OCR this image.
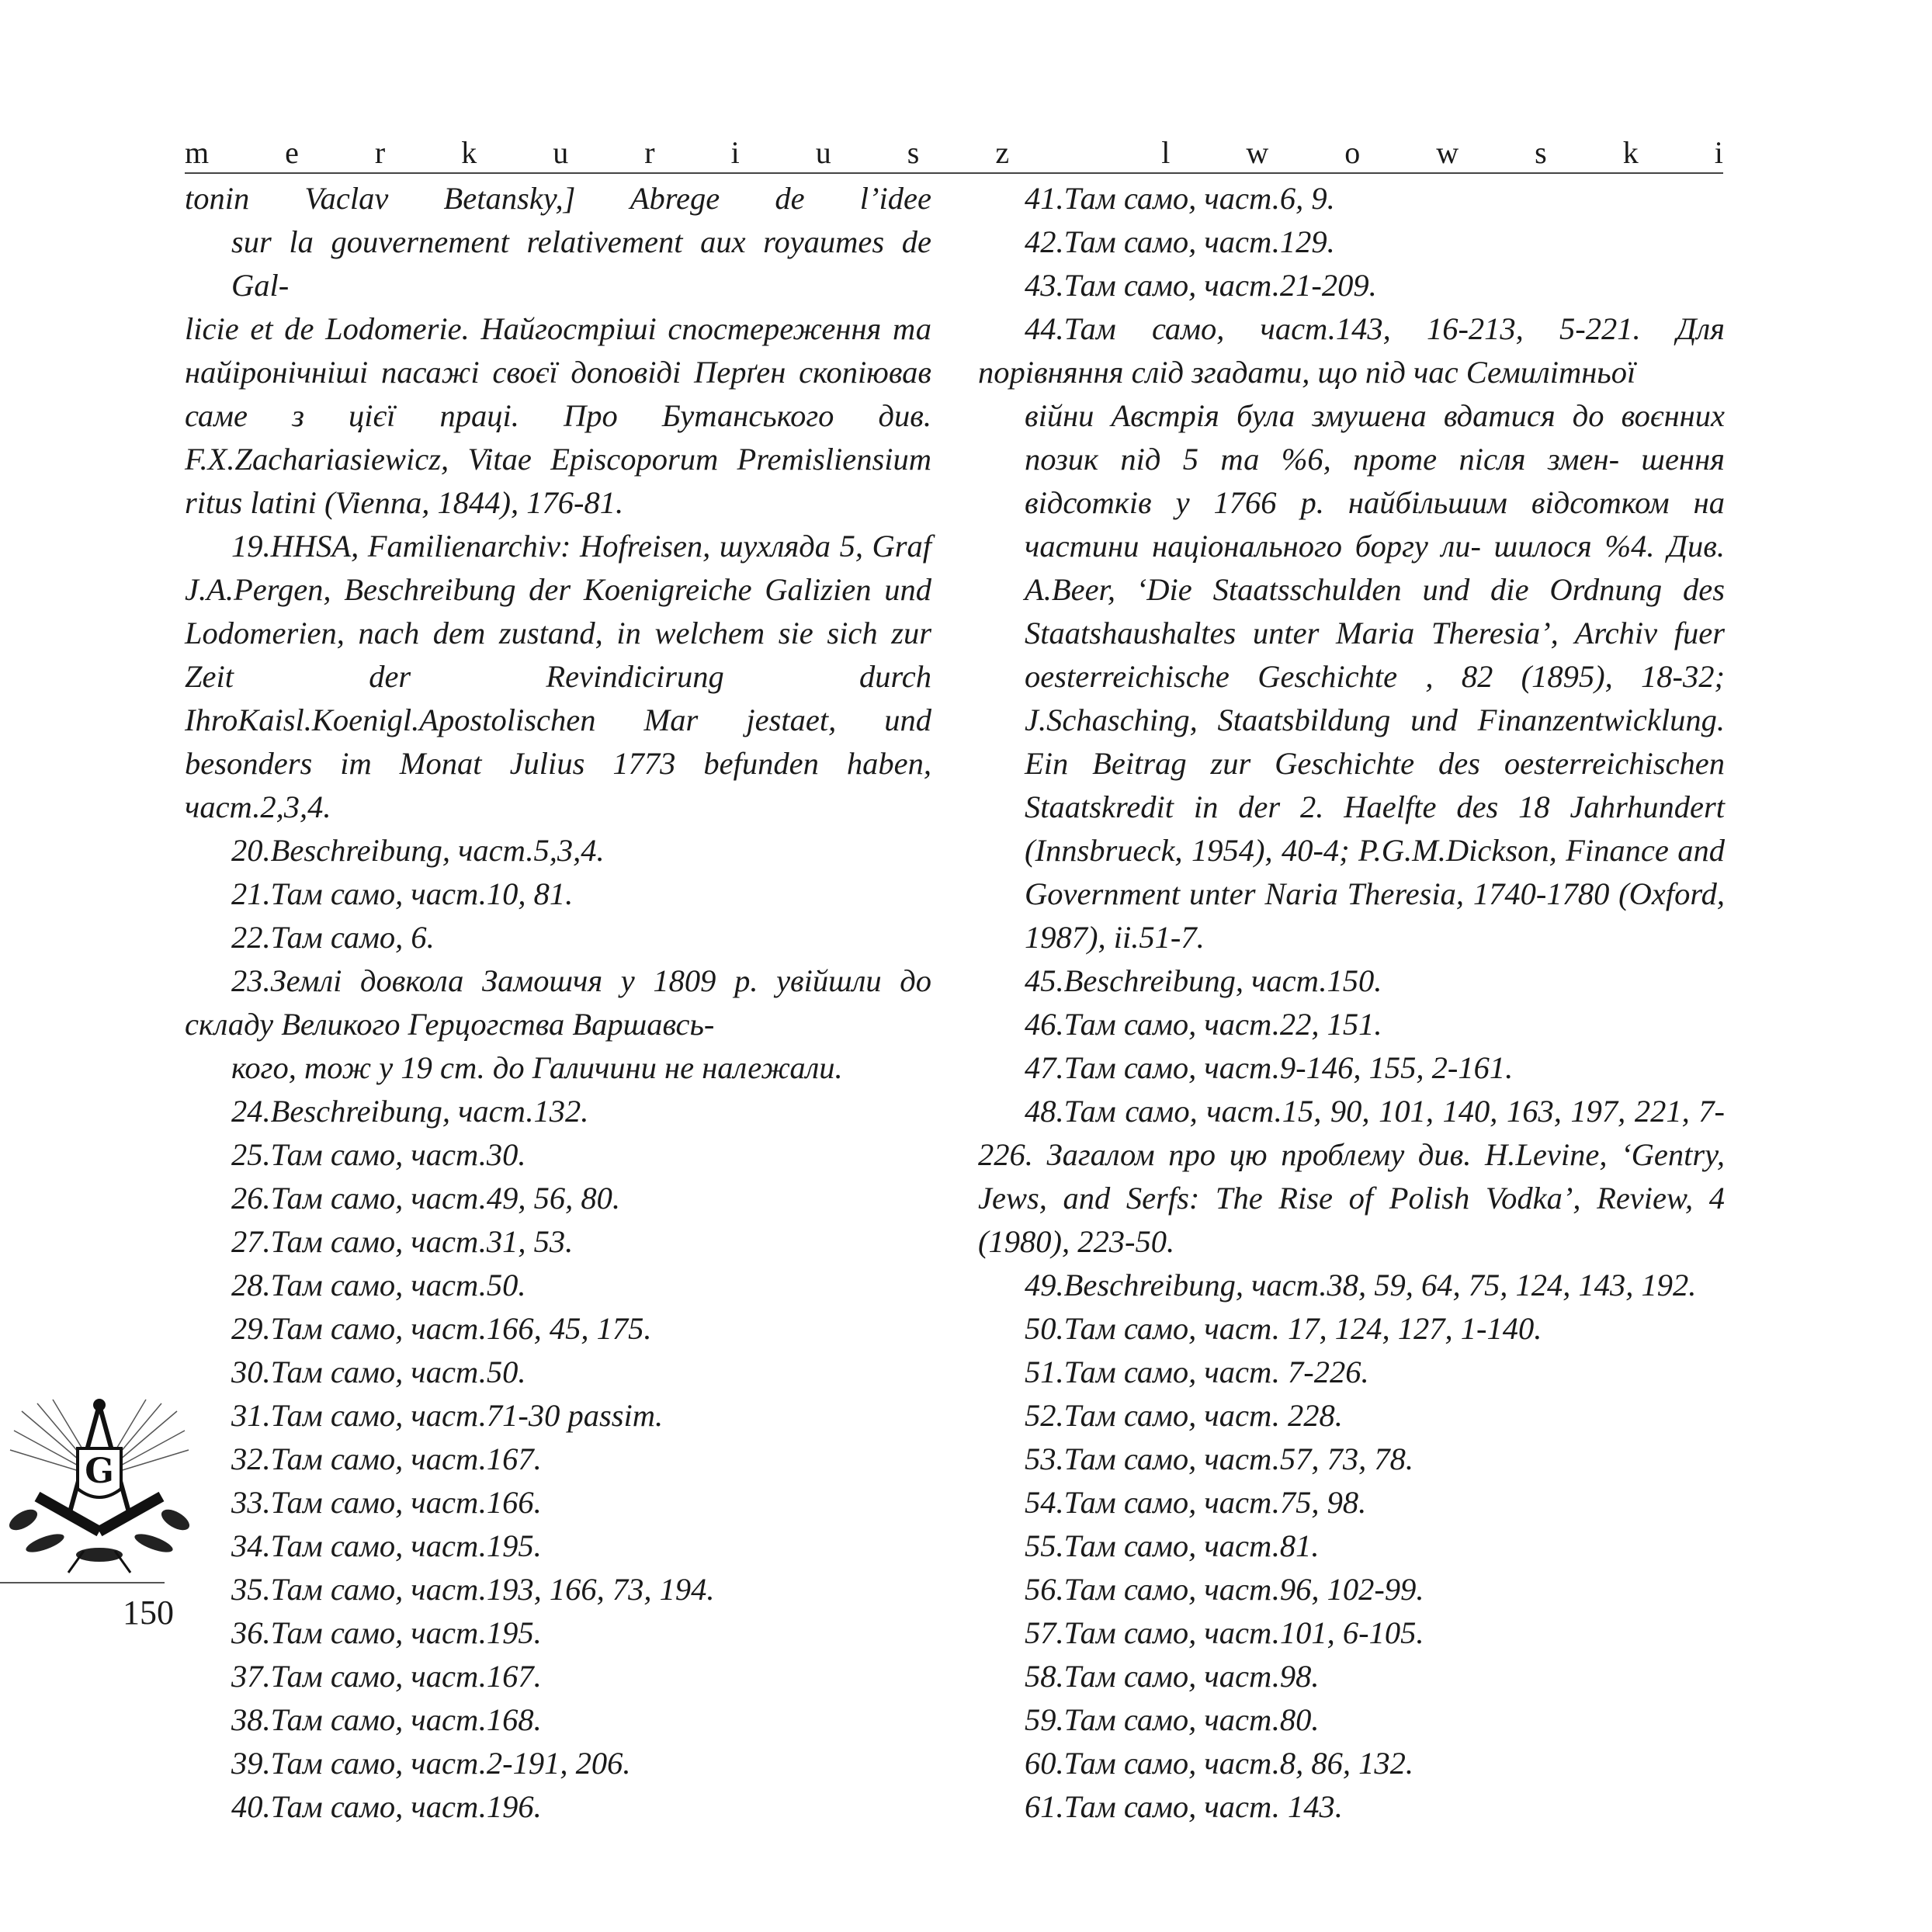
m e r k u r i u s z	l w o w s k i

tonin Vaclav Betansky,] Abrege de l’idee

sur la gouvernement relativement aux royaumes de Gal-

licie et de Lodomerie. Найгостріші спостереження та найіронічніші пасажі своєї доповіді Перґен скопіював саме з цієї праці. Про Бутанського див. F.X.Zachariasiewicz, Vitae Episcoporum Premisliensium ritus latini (Vienna, 1844), 176-81.

19.HHSA, Familienarchiv: Hofreisen, шухляда 5, Graf J.A.Pergen, Beschreibung der Koenigreiche Galizien und Lodomerien, nach dem zustand, in welchem sie sich zur Zeit der Revindicirung durch IhroKaisl.Koenigl.Apostolischen Mar jestaet, und besonders im Monat Julius 1773 befunden haben, част.2,3,4.

20.Beschreibung, част.5,3,4.

21.Там само, част.10, 81.

22.Там само, 6.

23.Землі довкола Замошчя у 1809 р. увійшли до складу Великого Герцогства Варшавсь-

кого, тож у 19 ст. до Галичини не належали.

24.Beschreibung, част.132.

25.Там само, част.30.

26.Там само, част.49, 56, 80.

27.Там само, част.31, 53.

28.Там само, част.50.

29.Там само, част.166, 45, 175.

30.Там само, част.50.

31.Там само, част.71-30 passim.

32.Там само, част.167.

33.Там само, част.166.

34.Там само, част.195.

35.Там само, част.193, 166, 73, 194.

36.Там само, част.195.

37.Там само, част.167.

38.Там само, част.168.

39.Там само, част.2-191, 206.

40.Там само, част.196.

41.Там само, част.6, 9.

42.Там само, част.129.

43.Там само, част.21-209.

44.Там само, част.143, 16-213, 5-221. Для порівняння слід згадати, що під час Семилітньої

війни Австрія була змушена вдатися до воєнних позик під 5 та %6, проте після змен- шення відсотків у 1766 р. найбільшим відсотком на частини національного боргу ли- шилося %4. Див. A.Beer, ‘Die Staatsschulden und die Ordnung des Staatshaushaltes unter Maria Theresia’, Archiv fuer oesterreichische Geschichte , 82 (1895), 18-32; J.Schasching, Staatsbildung und Finanzentwicklung. Ein Beitrag zur Geschichte des oesterreichischen Staatskredit in der 2. Haelfte des 18 Jahrhundert (Innsbrueck, 1954), 40-4; P.G.M.Dickson, Finance and Government unter Naria Theresia, 1740-1780 (Oxford, 1987), ii.51-7.

45.Beschreibung, част.150.

46.Там само, част.22, 151.

47.Там само, част.9-146, 155, 2-161.

48.Там само, част.15, 90, 101, 140, 163, 197, 221, 7-226. Загалом про цю проблему див. H.Levine, ‘Gentry, Jews, and Serfs: The Rise of Polish Vodka’, Review, 4 (1980), 223-50.

49.Beschreibung, част.38, 59, 64, 75, 124, 143, 192.

50.Там само, част. 17, 124, 127, 1-140.

51.Там само, част. 7-226.

52.Там само, част. 228.

53.Там само, част.57, 73, 78.

54.Там само, част.75, 98.

55.Там само, част.81.

56.Там само, част.96, 102-99.

57.Там само, част.101, 6-105.

58.Там само, част.98.

59.Там само, част.80.

60.Там само, част.8, 86, 132.

61.Там само, част. 143.

G
150
